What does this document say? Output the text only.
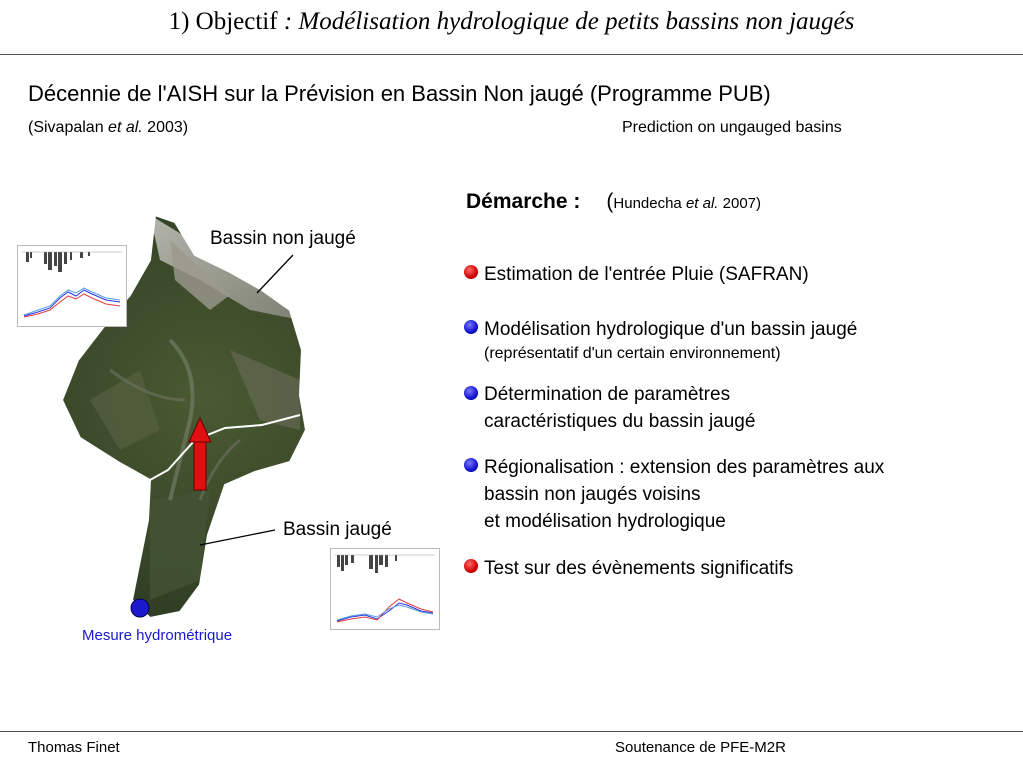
1) Objectif : Modélisation hydrologique de petits bassins non jaugés
Décennie de l'AISH sur la Prévision en Bassin Non jaugé (Programme PUB)
(Sivapalan et al. 2003)	Prediction on ungauged basins
Démarche : (Hundecha et al. 2007)
Estimation de l'entrée Pluie (SAFRAN)
Modélisation hydrologique d'un bassin jaugé
(représentatif d'un certain environnement)
Détermination de paramètres
caractéristiques du bassin jaugé
Régionalisation : extension des paramètres aux
bassin non jaugés voisins
et modélisation hydrologique
Test sur des évènements significatifs
Bassin non jaugé
Bassin jaugé
Mesure hydrométrique
Thomas Finet	Soutenance de PFE-M2R
